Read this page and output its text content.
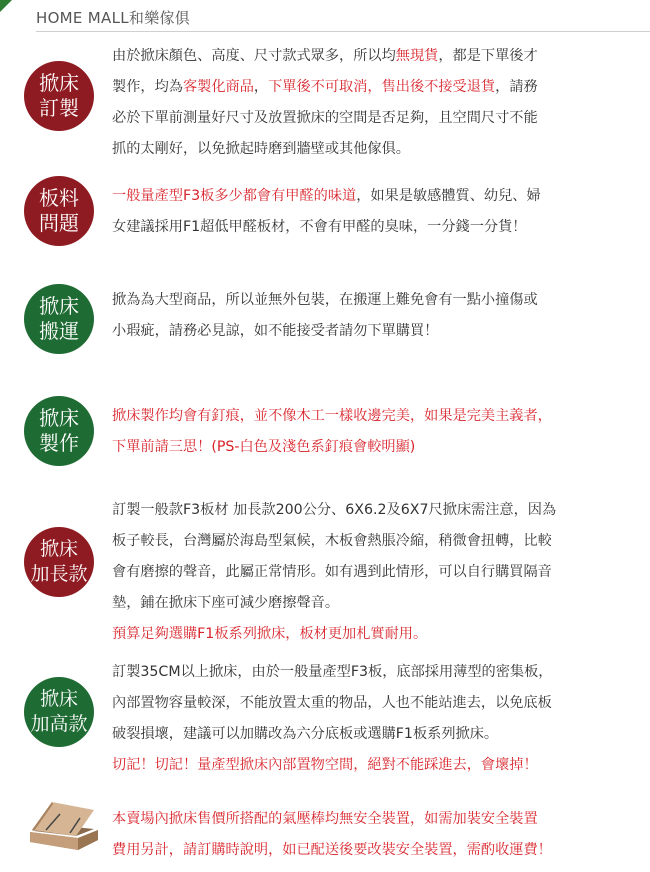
HOME MALL和樂傢俱
掀床
訂製
由於掀床顏色、高度、尺寸款式眾多，所以均無現貨，都是下單後才
製作，均為客製化商品，下單後不可取消，售出後不接受退貨，請務
必於下單前測量好尺寸及放置掀床的空間是否足夠，且空間尺寸不能
抓的太剛好，以免掀起時磨到牆壁或其他傢俱。
板料
問題
一般量產型F3板多少都會有甲醛的味道，如果是敏感體質、幼兒、婦
女建議採用F1超低甲醛板材，不會有甲醛的臭味，一分錢一分貨！
掀床
搬運
掀為為大型商品，所以並無外包裝，在搬運上難免會有一點小撞傷或
小瑕疵，請務必見諒，如不能接受者請勿下單購買！
掀床
製作
掀床製作均會有釘痕，並不像木工一樣收邊完美，如果是完美主義者，
下單前請三思！(PS-白色及淺色系釘痕會較明顯)
掀床
加長款
訂製一般款F3板材 加長款200公分、6X6.2及6X7尺掀床需注意，因為
板子較長，台灣屬於海島型氣候，木板會熱脹冷縮，稍微會扭轉，比較
會有磨擦的聲音，此屬正常情形。如有遇到此情形，可以自行購買隔音
墊，鋪在掀床下座可減少磨擦聲音。
預算足夠選購F1板系列掀床，板材更加札實耐用。
掀床
加高款
訂製35CM以上掀床，由於一般量產型F3板，底部採用薄型的密集板，
內部置物容量較深，不能放置太重的物品，人也不能站進去，以免底板
破裂損壞，建議可以加購改為六分底板或選購F1板系列掀床。
切記！切記！量產型掀床內部置物空間，絕對不能踩進去，會壞掉！
本賣場內掀床售價所搭配的氣壓棒均無安全裝置，如需加裝安全裝置
費用另計，請訂購時說明，如已配送後要改裝安全裝置，需酌收運費！
